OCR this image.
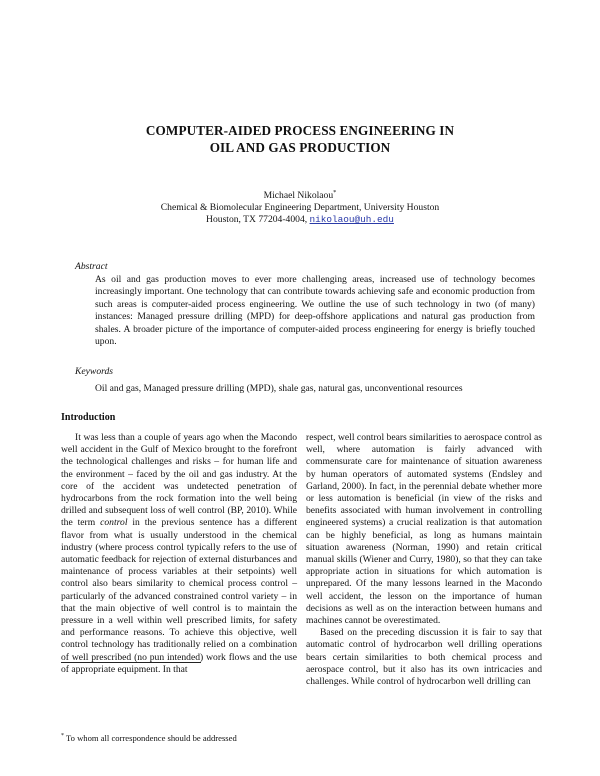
COMPUTER-AIDED PROCESS ENGINEERING IN
OIL AND GAS PRODUCTION
Michael Nikolaou*
Chemical & Biomolecular Engineering Department, University Houston
Houston, TX 77204-4004, nikolaou@uh.edu
Abstract
As oil and gas production moves to ever more challenging areas, increased use of technology becomes increasingly important. One technology that can contribute towards achieving safe and economic production from such areas is computer-aided process engineering. We outline the use of such technology in two (of many) instances: Managed pressure drilling (MPD) for deep-offshore applications and natural gas production from shales. A broader picture of the importance of computer-aided process engineering for energy is briefly touched upon.
Keywords
Oil and gas, Managed pressure drilling (MPD), shale gas, natural gas, unconventional resources
Introduction

It was less than a couple of years ago when the Macondo well accident in the Gulf of Mexico brought to the forefront the technological challenges and risks – for human life and the environment – faced by the oil and gas industry. At the core of the accident was undetected penetration of hydrocarbons from the rock formation into the well being drilled and subsequent loss of well control (BP, 2010). While the term control in the previous sentence has a different flavor from what is usually understood in the chemical industry (where process control typically refers to the use of automatic feedback for rejection of external disturbances and maintenance of process variables at their setpoints) well control also bears similarity to chemical process control – particularly of the advanced constrained control variety – in that the main objective of well control is to maintain the pressure in a well within well prescribed limits, for safety and performance reasons. To achieve this objective, well control technology has traditionally relied on a combination of well prescribed (no pun intended) work flows and the use of appropriate equipment. In that

respect, well control bears similarities to aerospace control as well, where automation is fairly advanced with commensurate care for maintenance of situation awareness by human operators of automated systems (Endsley and Garland, 2000). In fact, in the perennial debate whether more or less automation is beneficial (in view of the risks and benefits associated with human involvement in controlling engineered systems) a crucial realization is that automation can be highly beneficial, as long as humans maintain situation awareness (Norman, 1990) and retain critical manual skills (Wiener and Curry, 1980), so that they can take appropriate action in situations for which automation is unprepared. Of the many lessons learned in the Macondo well accident, the lesson on the importance of human decisions as well as on the interaction between humans and machines cannot be overestimated.

Based on the preceding discussion it is fair to say that automatic control of hydrocarbon well drilling operations bears certain similarities to both chemical process and aerospace control, but it also has its own intricacies and challenges. While control of hydrocarbon well drilling can

* To whom all correspondence should be addressed
